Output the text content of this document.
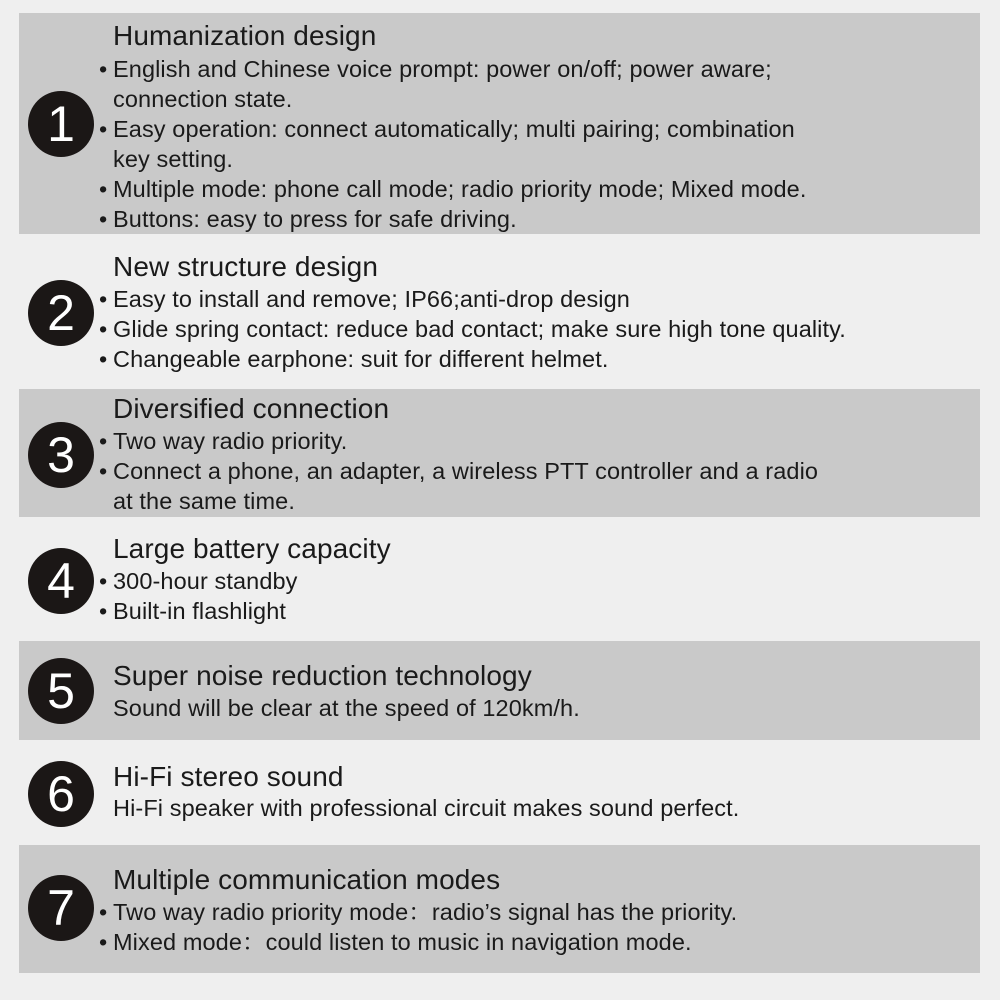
1
Humanization design
• English and Chinese voice prompt: power on/off; power aware;
connection state.
• Easy operation: connect automatically; multi pairing; combination
key setting.
• Multiple mode: phone call mode; radio priority mode; Mixed mode.
• Buttons: easy to press for safe driving.
2
New structure design
• Easy to install and remove; IP66;anti-drop design
• Glide spring contact: reduce bad contact; make sure high tone quality.
• Changeable earphone: suit for different helmet.
3
Diversified connection
• Two way radio priority.
• Connect a phone, an adapter, a wireless PTT controller and a radio
at the same time.
4
Large battery capacity
• 300-hour standby
• Built-in flashlight
5	Super noise reduction technology
Sound will be clear at the speed of 120km/h.
6	Hi-Fi stereo sound
Hi-Fi speaker with professional circuit makes sound perfect.
7
Multiple communication modes
• Two way radio priority mode：radio’s signal has the priority.
• Mixed mode：could listen to music in navigation mode.
